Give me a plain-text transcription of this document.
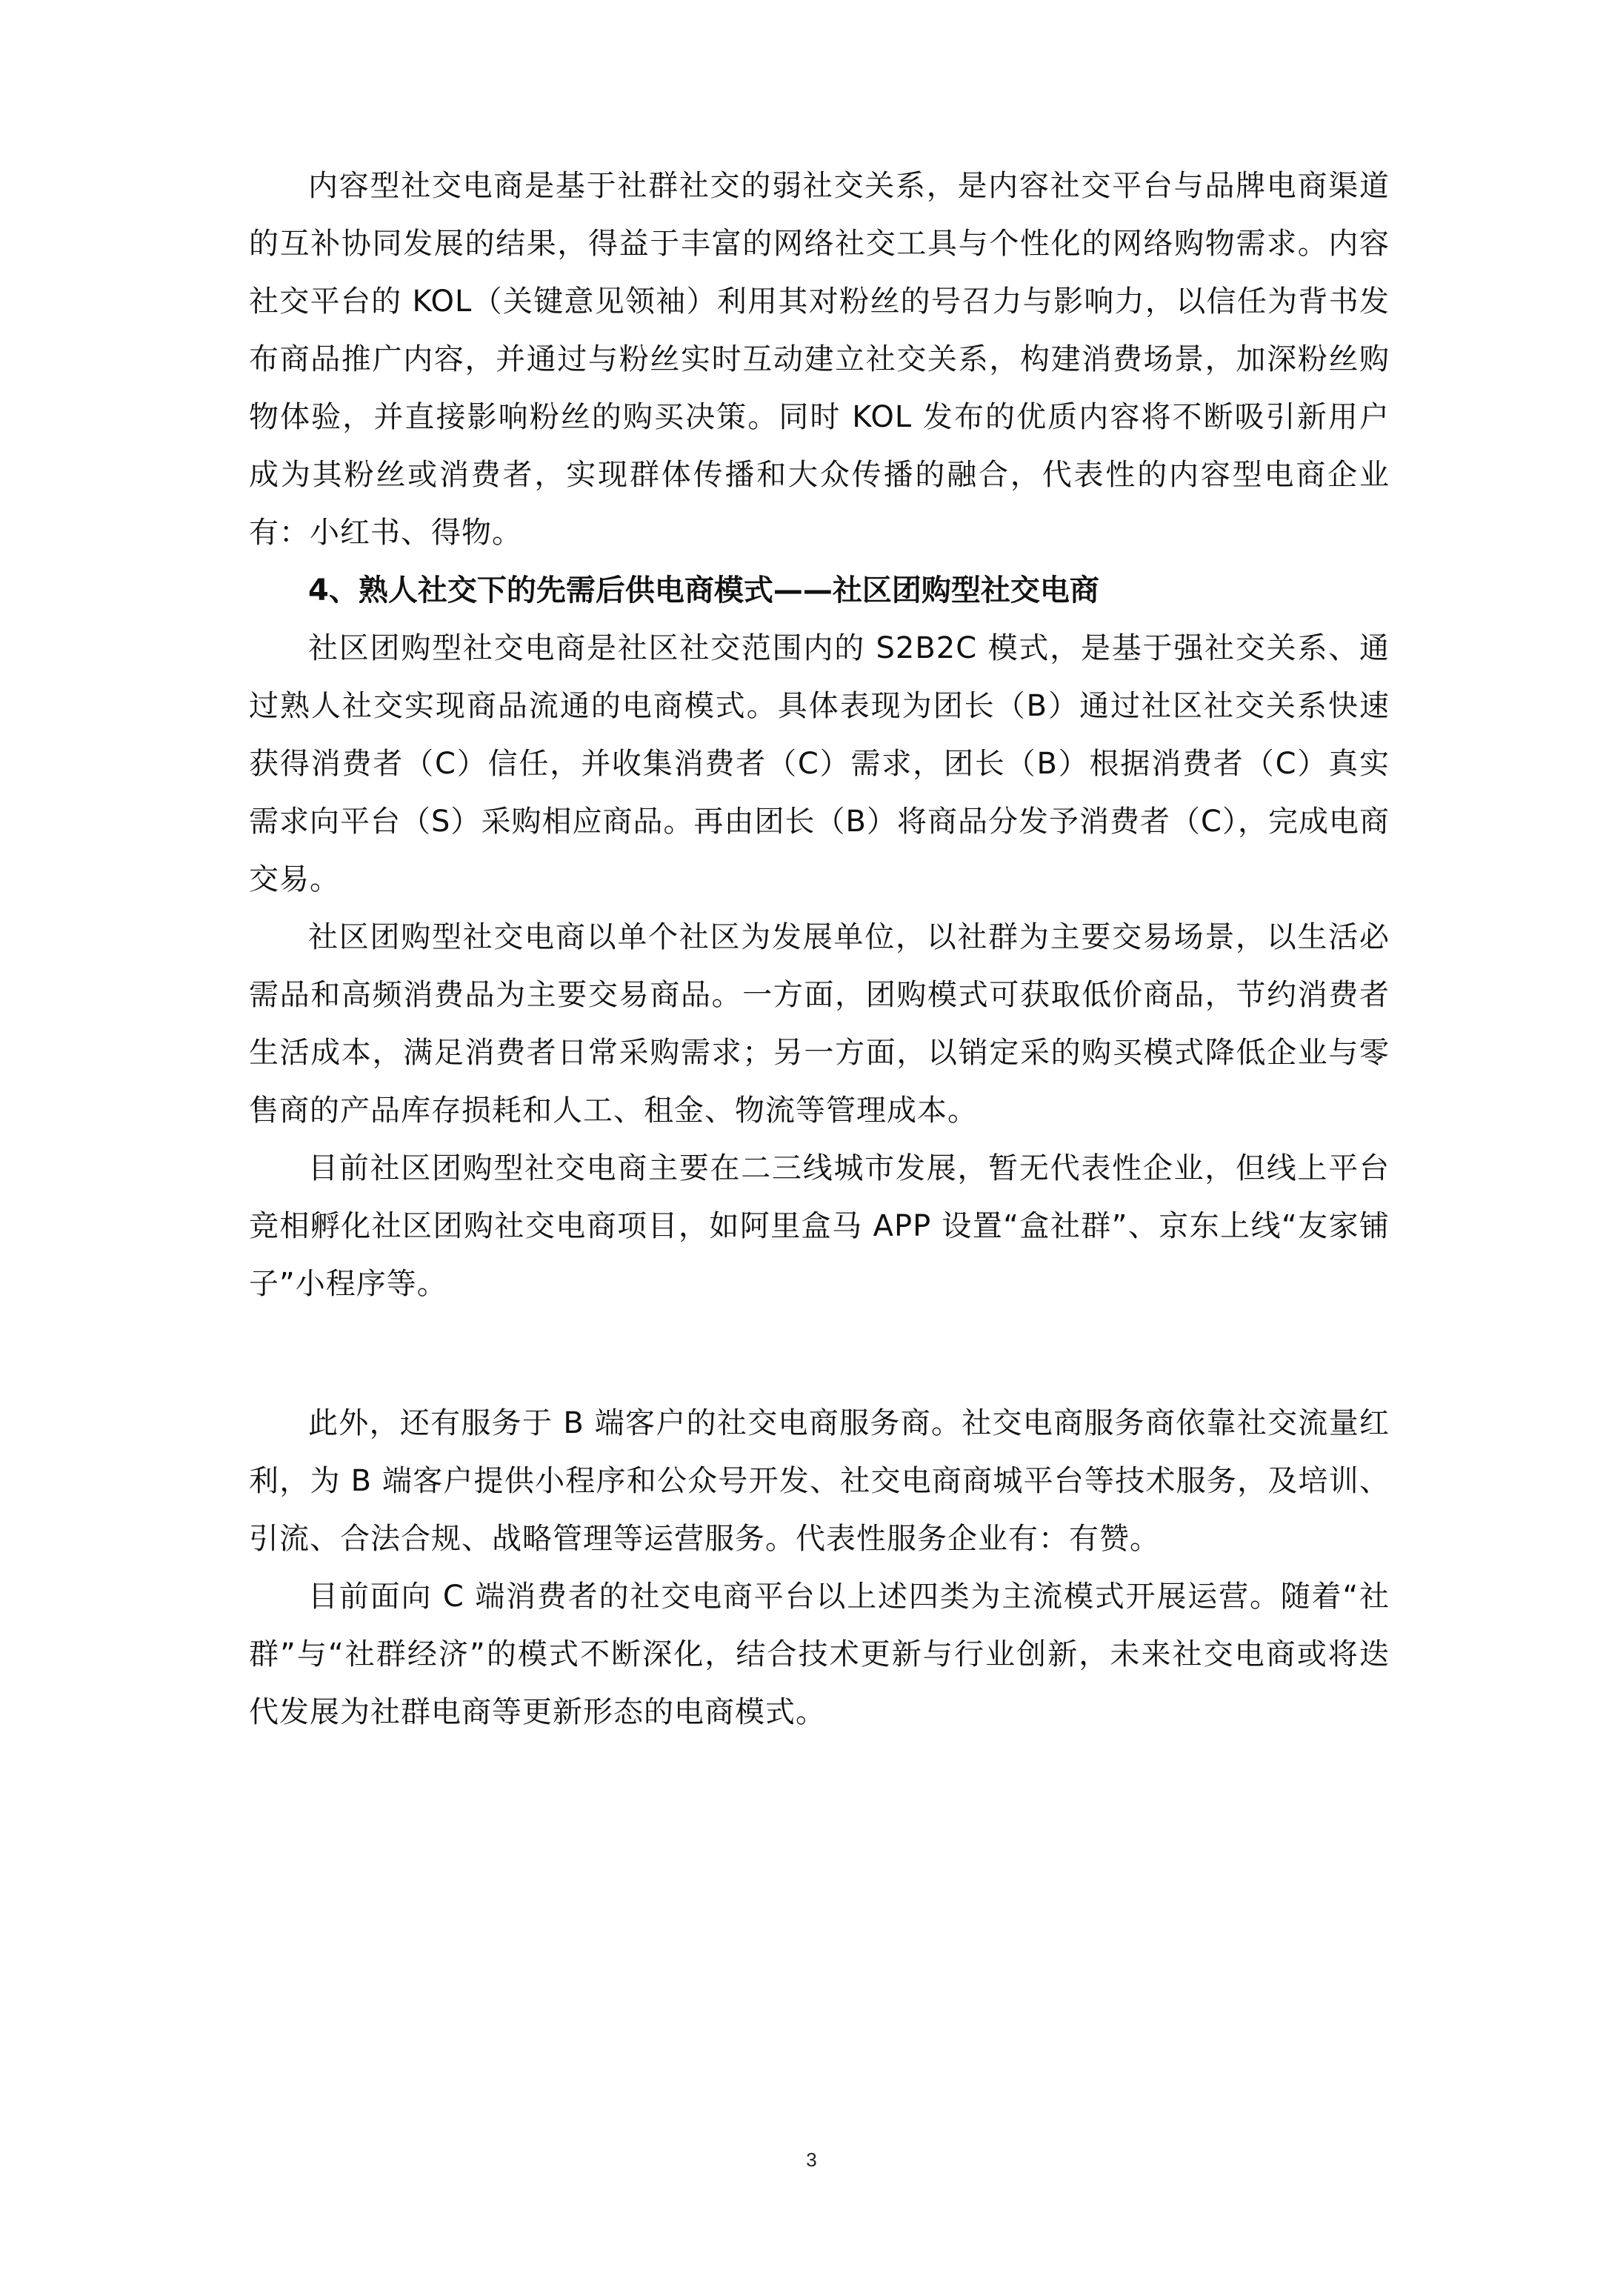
内容型社交电商是基于社群社交的弱社交关系，是内容社交平台与品牌电商渠道的互补协同发展的结果，得益于丰富的网络社交工具与个性化的网络购物需求。内容社交平台的 KOL（关键意见领袖）利用其对粉丝的号召力与影响力，以信任为背书发布商品推广内容，并通过与粉丝实时互动建立社交关系，构建消费场景，加深粉丝购物体验，并直接影响粉丝的购买决策。同时 KOL 发布的优质内容将不断吸引新用户成为其粉丝或消费者，实现群体传播和大众传播的融合，代表性的内容型电商企业有：小红书、得物。

4、熟人社交下的先需后供电商模式——社区团购型社交电商

社区团购型社交电商是社区社交范围内的 S2B2C 模式，是基于强社交关系、通过熟人社交实现商品流通的电商模式。具体表现为团长（B）通过社区社交关系快速获得消费者（C）信任，并收集消费者（C）需求，团长（B）根据消费者（C）真实需求向平台（S）采购相应商品。再由团长（B）将商品分发予消费者（C），完成电商交易。

社区团购型社交电商以单个社区为发展单位，以社群为主要交易场景，以生活必需品和高频消费品为主要交易商品。一方面，团购模式可获取低价商品，节约消费者生活成本，满足消费者日常采购需求；另一方面，以销定采的购买模式降低企业与零售商的产品库存损耗和人工、租金、物流等管理成本。

目前社区团购型社交电商主要在二三线城市发展，暂无代表性企业，但线上平台竞相孵化社区团购社交电商项目，如阿里盒马 APP 设置“盒社群”、京东上线“友家铺子”小程序等。

此外，还有服务于 B 端客户的社交电商服务商。社交电商服务商依靠社交流量红利，为 B 端客户提供小程序和公众号开发、社交电商商城平台等技术服务，及培训、引流、合法合规、战略管理等运营服务。代表性服务企业有：有赞。

目前面向 C 端消费者的社交电商平台以上述四类为主流模式开展运营。随着“社群”与“社群经济”的模式不断深化，结合技术更新与行业创新，未来社交电商或将迭代发展为社群电商等更新形态的电商模式。

3
